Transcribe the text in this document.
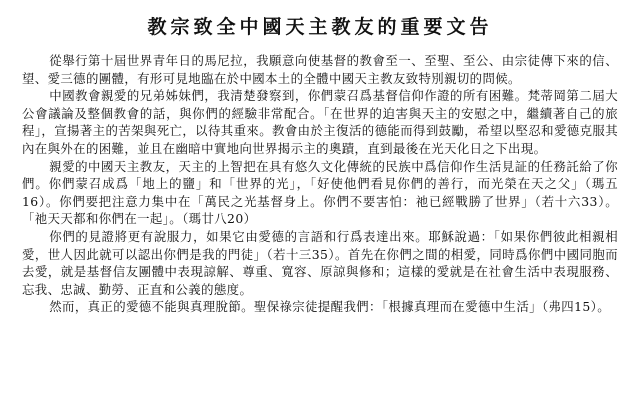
教宗致全中國天主教友的重要文告

從舉行第十屆世界青年日的馬尼拉，我願意向使基督的教會至一、至聖、至公、由宗徒傳下來的信、望、愛三德的團體，有形可見地臨在於中國本土的全體中國天主教友致特別親切的問候。

中國教會親愛的兄弟姊妹們，我清楚發察到，你們蒙召爲基督信仰作證的所有困難。梵蒂岡第二屆大公會議論及整個教會的話，與你們的經驗非常配合。「在世界的迫害與天主的安慰之中，繼續著自己的旅程」，宣揚著主的苦架與死亡，以待其重來。教會由於主復活的德能而得到鼓勵，希望以堅忍和愛德克服其內在與外在的困難，並且在幽暗中實地向世界揭示主的奧蹟，直到最後在光天化日之下出現。

親愛的中國天主教友，天主的上智把在具有悠久文化傳統的民族中爲信仰作生活見証的任務託給了你們。你們蒙召成爲「地上的鹽」和「世界的光」，「好使他們看見你們的善行，而光榮在天之父」（瑪五16）。你們要把注意力集中在「萬民之光基督身上。你們不要害怕：祂已經戰勝了世界」（若十六33）。「祂天天都和你們在一起」。（瑪廿八20）

你們的見證將更有說服力，如果它由愛德的言語和行爲表達出來。耶穌說過：「如果你們彼此相親相愛，世人因此就可以認出你們是我的門徒」（若十三35）。首先在你們之間的相愛，同時爲你們中國同胞而去愛，就是基督信友團體中表現諒解、尊重、寬容、原諒與修和；這樣的愛就是在社會生活中表現服務、忘我、忠誠、勤勞、正直和公義的態度。

然而，真正的愛德不能與真理脫節。聖保祿宗徒提醒我們：「根據真理而在愛德中生活」（弗四15）。
